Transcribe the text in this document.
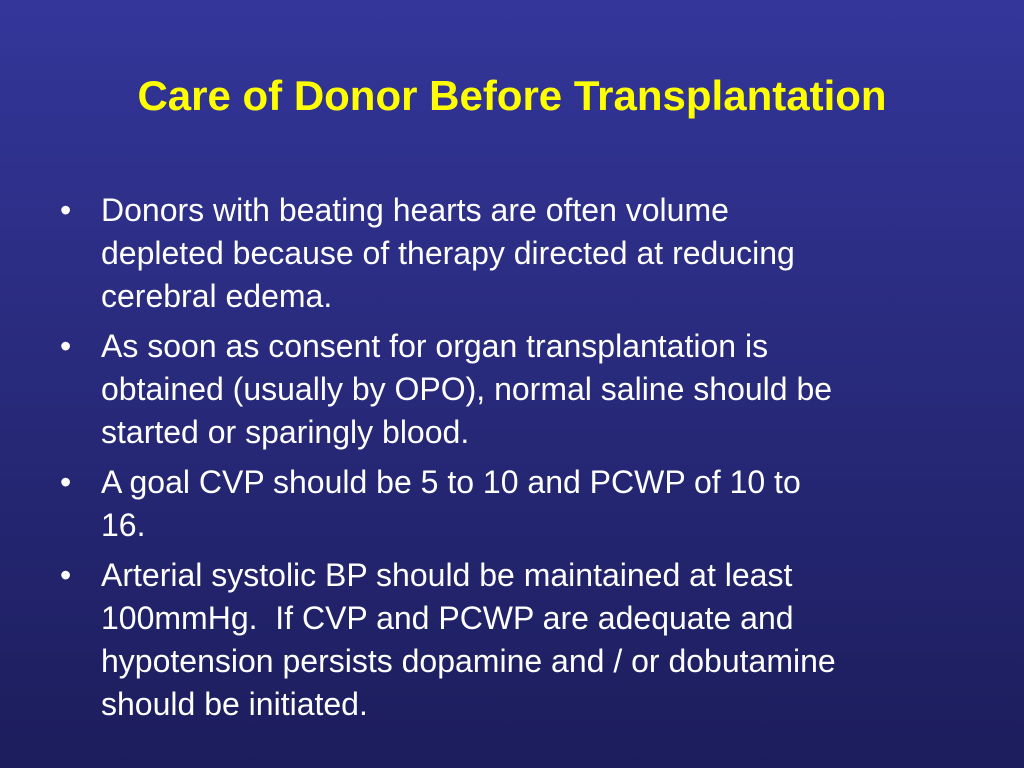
Care of Donor Before Transplantation
• Donors with beating hearts are often volume
depleted because of therapy directed at reducing
cerebral edema.
• As soon as consent for organ transplantation is
obtained (usually by OPO), normal saline should be
started or sparingly blood.
• A goal CVP should be 5 to 10 and PCWP of 10 to
16.
• Arterial systolic BP should be maintained at least
100mmHg.  If CVP and PCWP are adequate and
hypotension persists dopamine and / or dobutamine
should be initiated.
